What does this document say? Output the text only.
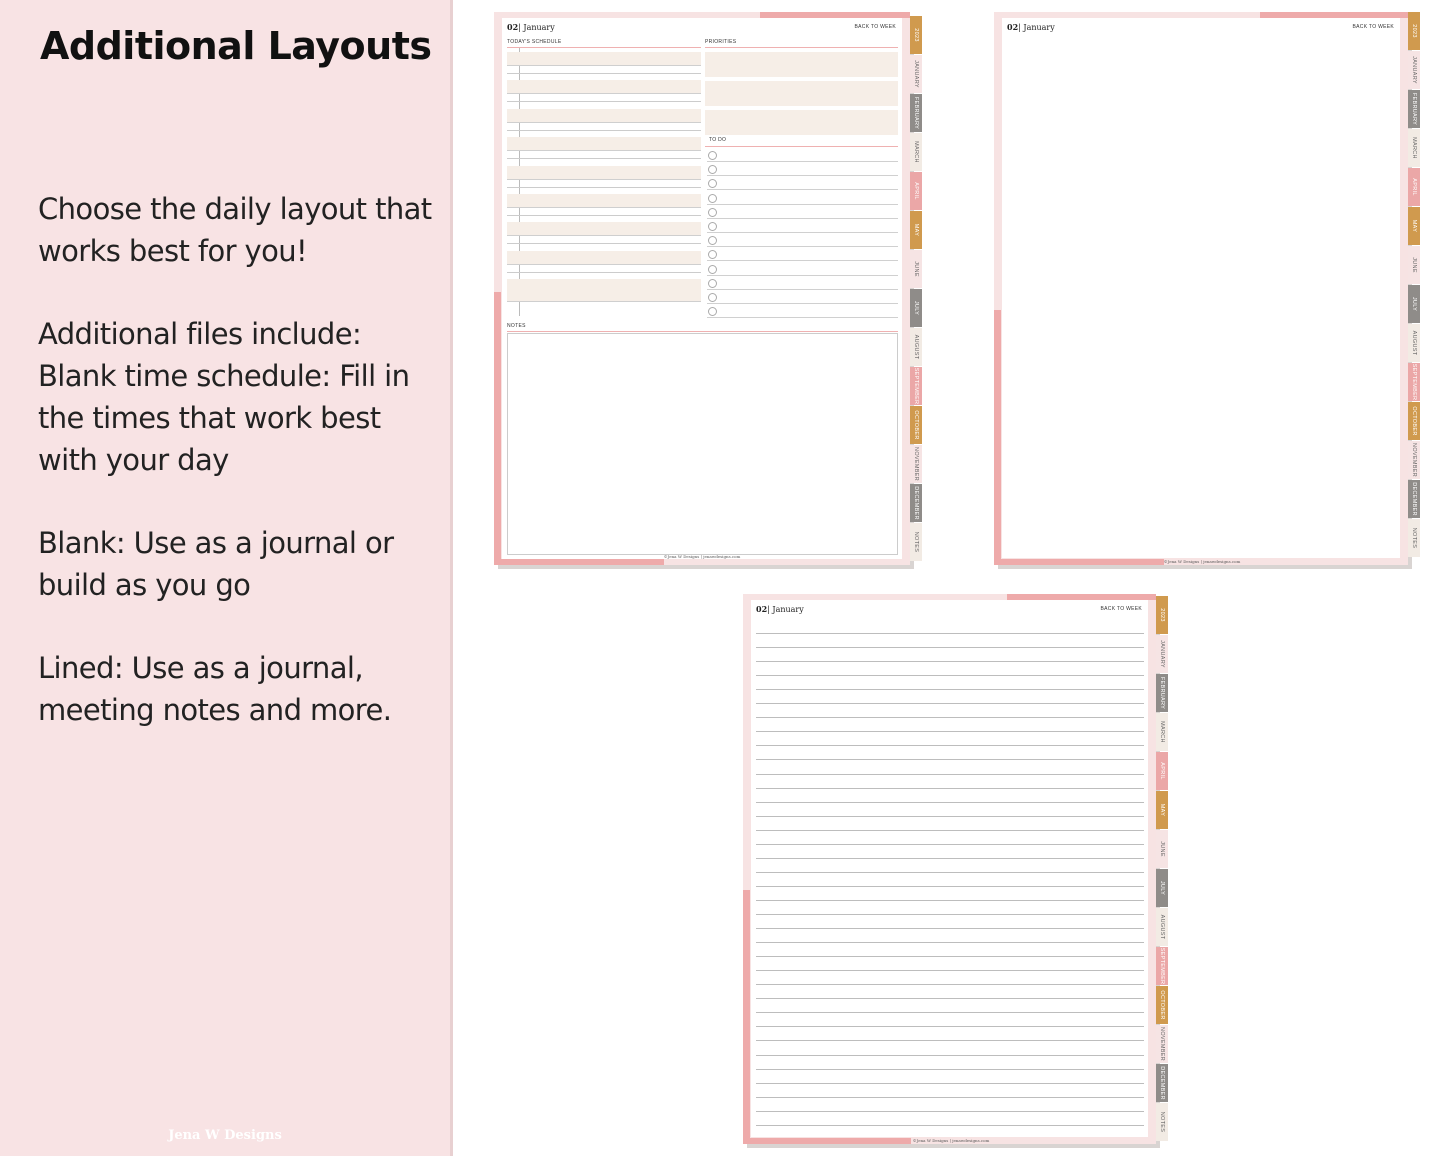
Additional Layouts

Choose the daily layout that works best for you!

Additional files include: Blank time schedule: Fill in the times that work best with your day

Blank: Use as a journal or build as you go

Lined: Use as a journal, meeting notes and more.

Jena W Designs
02| January	BACK TO WEEK
TODAY'S SCHEDULE	PRIORITIES
TO DO
NOTES
©Jena W Designs | jenawdesigns.com
2023
JANUARY
FEBRUARY
MARCH
APRIL
MAY
JUNE
JULY
AUGUST
SEPTEMBER
OCTOBER
NOVEMBER
DECEMBER
NOTES
02| January	BACK TO WEEK
©Jena W Designs | jenawdesigns.com
2023
JANUARY
FEBRUARY
MARCH
APRIL
MAY
JUNE
JULY
AUGUST
SEPTEMBER
OCTOBER
NOVEMBER
DECEMBER
NOTES
02| January	BACK TO WEEK
©Jena W Designs | jenawdesigns.com
2023
JANUARY
FEBRUARY
MARCH
APRIL
MAY
JUNE
JULY
AUGUST
SEPTEMBER
OCTOBER
NOVEMBER
DECEMBER
NOTES
